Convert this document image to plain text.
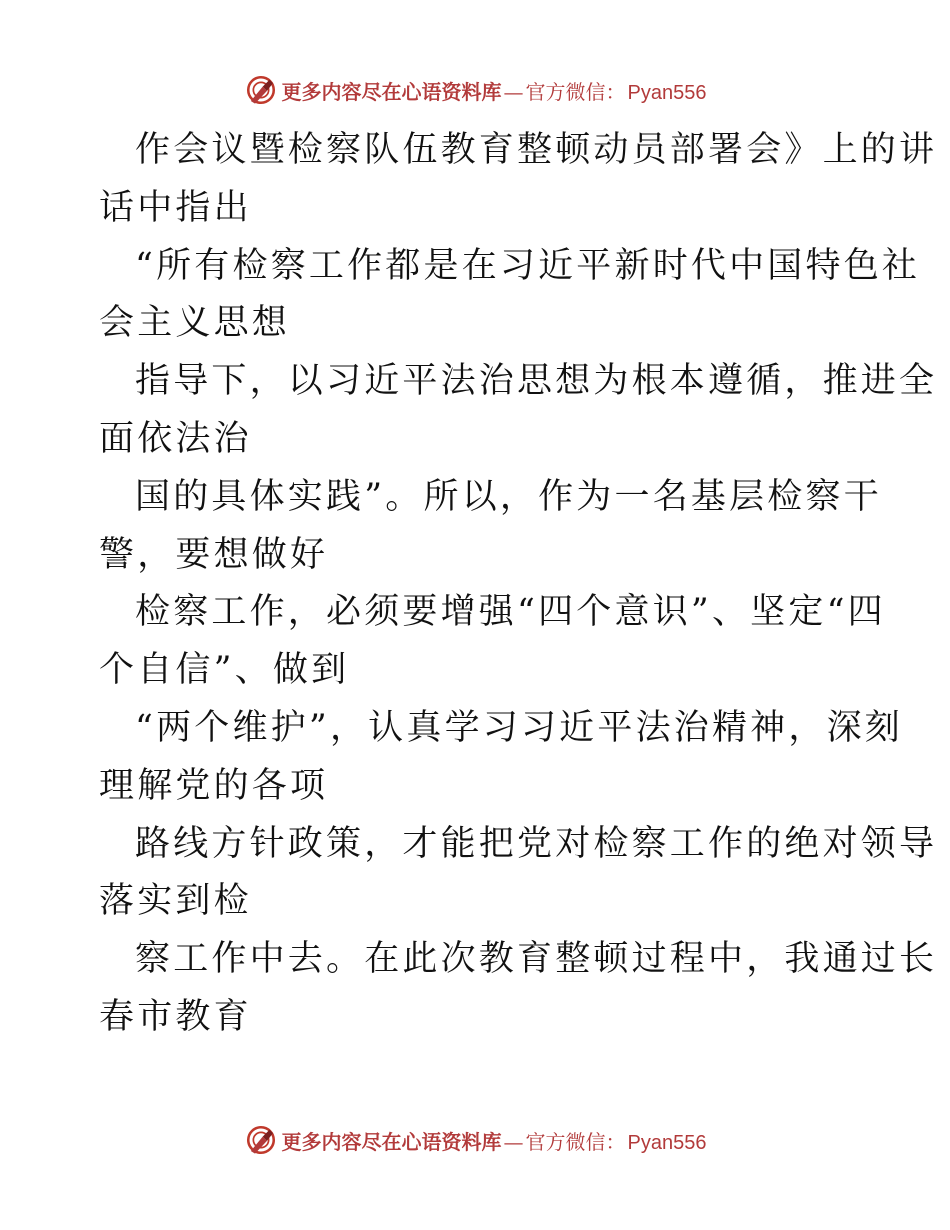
更多内容尽在心语资料库 — 官方微信： Pyan556
作会议暨检察队伍教育整顿动员部署会》上的讲
话中指出
“所有检察工作都是在习近平新时代中国特色社
会主义思想
指导下，以习近平法治思想为根本遵循，推进全
面依法治
国的具体实践”。所以，作为一名基层检察干
警，要想做好
检察工作，必须要增强“四个意识”、坚定“四
个自信”、做到
“两个维护”，认真学习习近平法治精神，深刻
理解党的各项
路线方针政策，才能把党对检察工作的绝对领导
落实到检
察工作中去。在此次教育整顿过程中，我通过长
春市教育
更多内容尽在心语资料库 — 官方微信： Pyan556
